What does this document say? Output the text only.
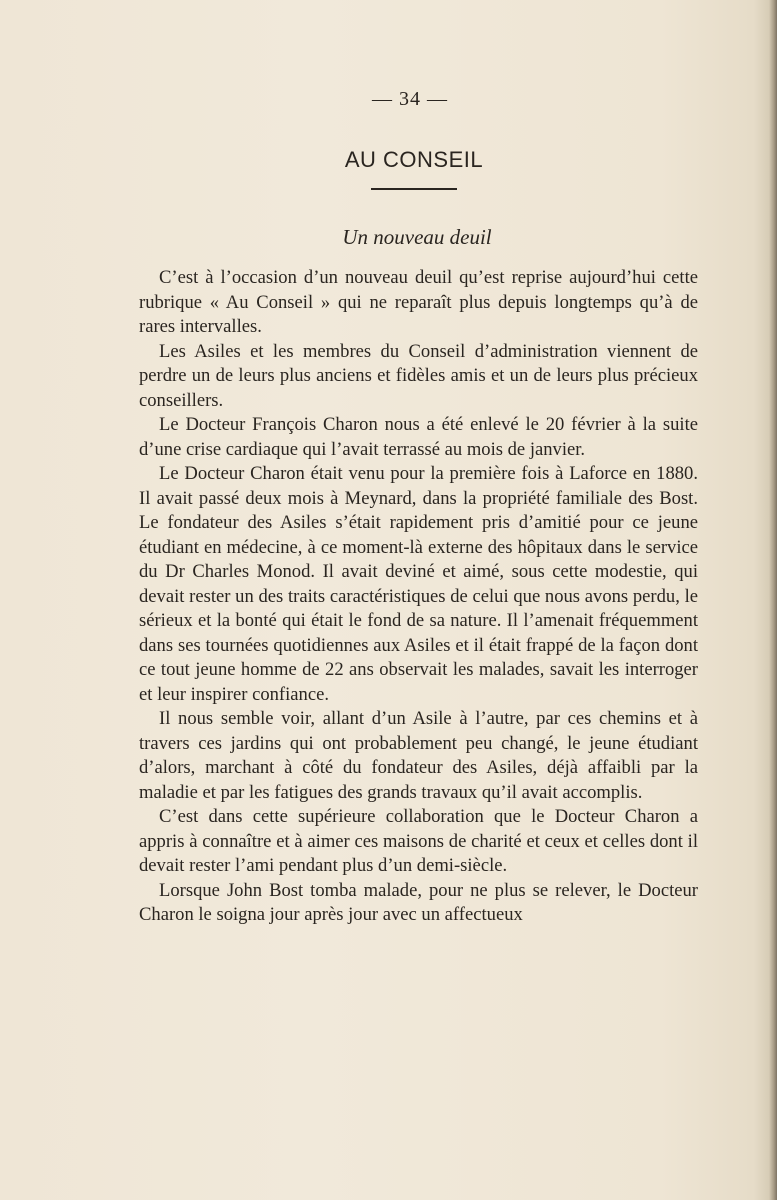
— 34 —
AU CONSEIL
Un nouveau deuil

C’est à l’occasion d’un nouveau deuil qu’est reprise aujourd’hui cette rubrique « Au Conseil » qui ne reparaît plus depuis longtemps qu’à de rares intervalles.

Les Asiles et les membres du Conseil d’administration viennent de perdre un de leurs plus anciens et fidèles amis et un de leurs plus précieux conseillers.

Le Docteur François Charon nous a été enlevé le 20 février à la suite d’une crise cardiaque qui l’avait terrassé au mois de janvier.

Le Docteur Charon était venu pour la première fois à Laforce en 1880. Il avait passé deux mois à Meynard, dans la propriété familiale des Bost. Le fondateur des Asiles s’était rapidement pris d’amitié pour ce jeune étudiant en médecine, à ce moment-là externe des hôpitaux dans le service du Dr Charles Monod. Il avait deviné et aimé, sous cette modestie, qui devait rester un des traits caractéristiques de celui que nous avons perdu, le sérieux et la bonté qui était le fond de sa nature. Il l’amenait fréquemment dans ses tournées quotidiennes aux Asiles et il était frappé de la façon dont ce tout jeune homme de 22 ans observait les malades, savait les interroger et leur inspirer confiance.

Il nous semble voir, allant d’un Asile à l’autre, par ces chemins et à travers ces jardins qui ont probablement peu changé, le jeune étudiant d’alors, marchant à côté du fondateur des Asiles, déjà affaibli par la maladie et par les fatigues des grands travaux qu’il avait accomplis.

C’est dans cette supérieure collaboration que le Docteur Charon a appris à connaître et à aimer ces maisons de charité et ceux et celles dont il devait rester l’ami pendant plus d’un demi-siècle.

Lorsque John Bost tomba malade, pour ne plus se relever, le Docteur Charon le soigna jour après jour avec un affectueux
